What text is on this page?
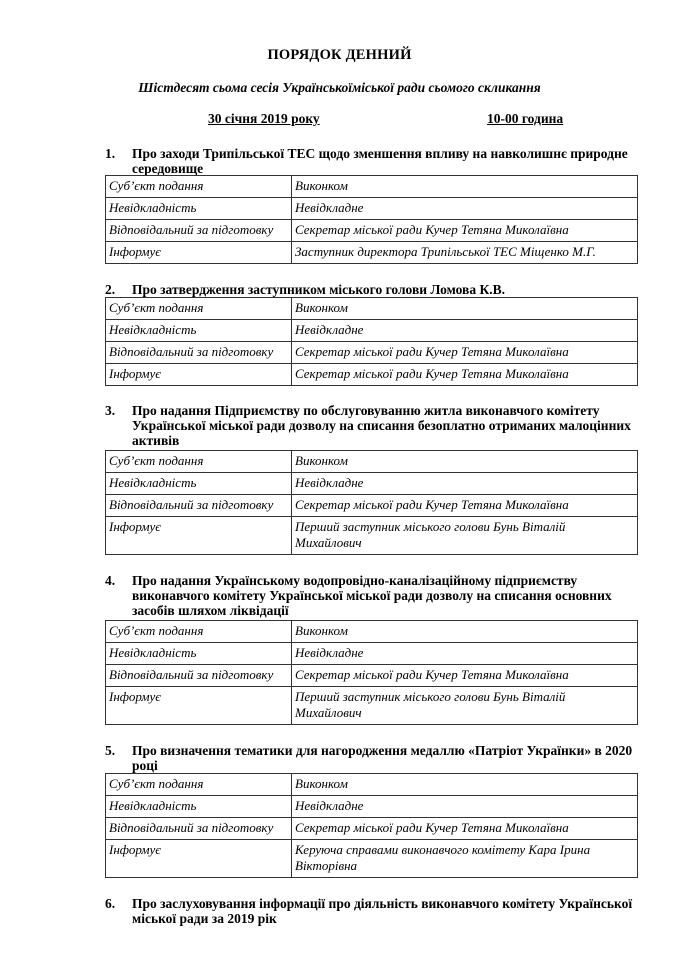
ПОРЯДОК ДЕННИЙ
Шістдесят сьома сесія Українськоїміської ради сьомого скликання
30 січня 2019 року	10-00 година
1.	Про заходи Трипільської ТЕС щодо зменшення впливу на навколишнє природне середовище
Суб’єкт подання	Виконком
Невідкладність	Невідкладне
Відповідальний за підготовку	Секретар міської ради Кучер Тетяна Миколаївна
Інформує	Заступник директора Трипільської ТЕС Міщенко М.Г.
2.	Про затвердження заступником міського голови Ломова К.В.
Суб’єкт подання	Виконком
Невідкладність	Невідкладне
Відповідальний за підготовку	Секретар міської ради Кучер Тетяна Миколаївна
Інформує	Секретар міської ради Кучер Тетяна Миколаївна
3.	Про надання Підприємству по обслуговуванню житла виконавчого комітету Української міської ради дозволу на списання безоплатно отриманих малоцінних активів
Суб’єкт подання	Виконком
Невідкладність	Невідкладне
Відповідальний за підготовку	Секретар міської ради Кучер Тетяна Миколаївна
Інформує	Перший заступник міського голови Бунь Віталій Михайлович
4.	Про надання Українському водопровідно-каналізаційному підприємству виконавчого комітету Української міської ради дозволу на списання основних засобів шляхом ліквідації
Суб’єкт подання	Виконком
Невідкладність	Невідкладне
Відповідальний за підготовку	Секретар міської ради Кучер Тетяна Миколаївна
Інформує	Перший заступник міського голови Бунь Віталій Михайлович
5.	Про визначення тематики для нагородження медаллю «Патріот Українки» в 2020 році
Суб’єкт подання	Виконком
Невідкладність	Невідкладне
Відповідальний за підготовку	Секретар міської ради Кучер Тетяна Миколаївна
Інформує	Керуюча справами виконавчого комітету Кара Ірина Вікторівна
6.	Про заслуховування інформації про діяльність виконавчого комітету Української міської ради за 2019 рік
